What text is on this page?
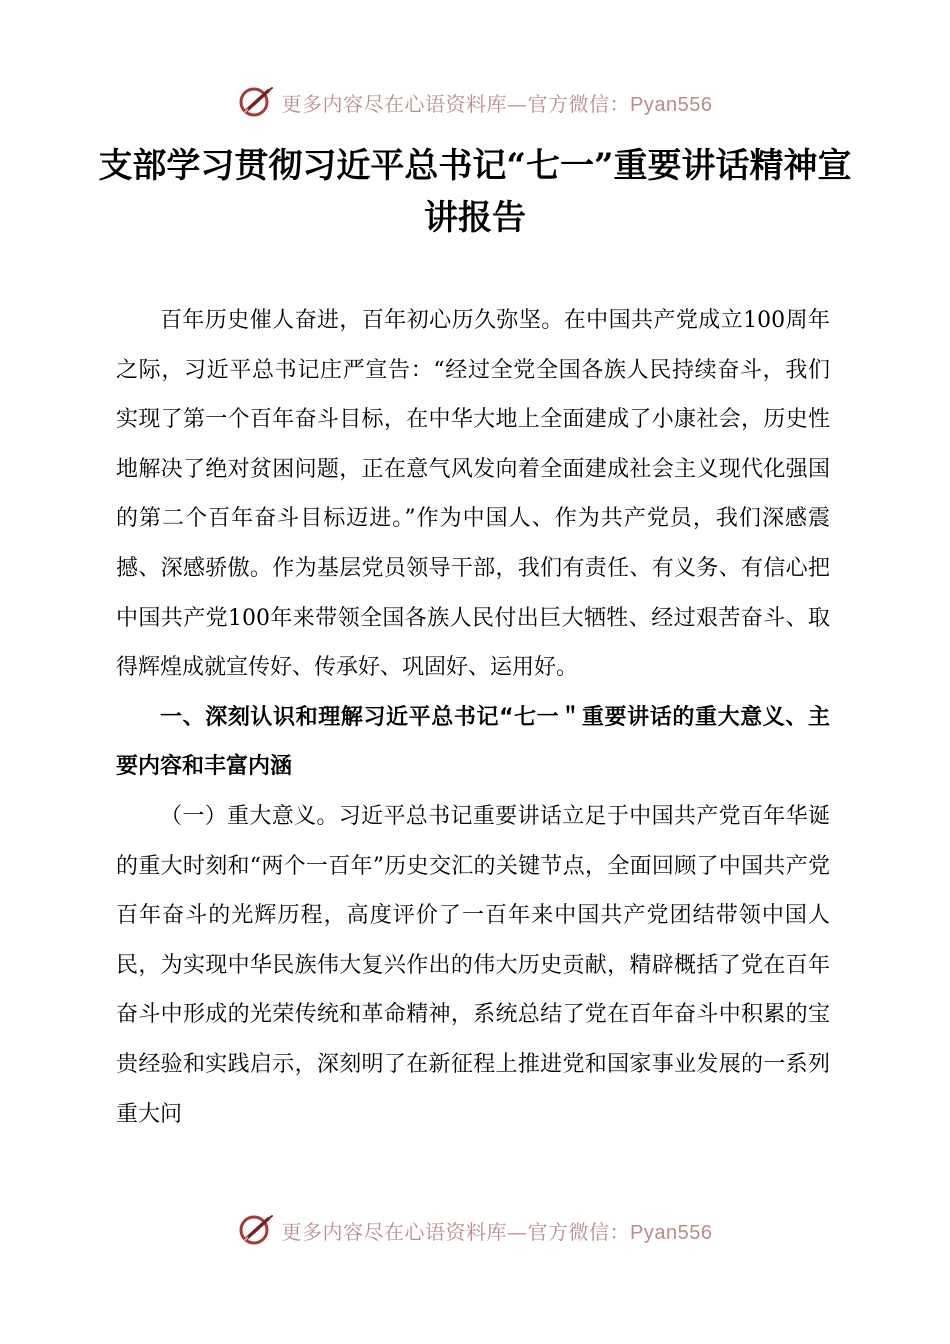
更多内容尽在心语资料库—官方微信：Pyan556
支部学习贯彻习近平总书记“七一”重要讲话精神宣讲报告

百年历史催人奋进，百年初心历久弥坚。在中国共产党成立100周年之际，习近平总书记庄严宣告：“经过全党全国各族人民持续奋斗，我们实现了第一个百年奋斗目标，在中华大地上全面建成了小康社会，历史性地解决了绝对贫困问题，正在意气风发向着全面建成社会主义现代化强国的第二个百年奋斗目标迈进。”作为中国人、作为共产党员，我们深感震撼、深感骄傲。作为基层党员领导干部，我们有责任、有义务、有信心把中国共产党100年来带领全国各族人民付出巨大牺牲、经过艰苦奋斗、取得辉煌成就宣传好、传承好、巩固好、运用好。

一、深刻认识和理解习近平总书记“七一＂重要讲话的重大意义、主要内容和丰富内涵

（一）重大意义。习近平总书记重要讲话立足于中国共产党百年华诞的重大时刻和“两个一百年”历史交汇的关键节点，全面回顾了中国共产党百年奋斗的光辉历程，高度评价了一百年来中国共产党团结带领中国人民，为实现中华民族伟大复兴作出的伟大历史贡献，精辟概括了党在百年奋斗中形成的光荣传统和革命精神，系统总结了党在百年奋斗中积累的宝贵经验和实践启示，深刻明了在新征程上推进党和国家事业发展的一系列重大问

更多内容尽在心语资料库—官方微信：Pyan556
